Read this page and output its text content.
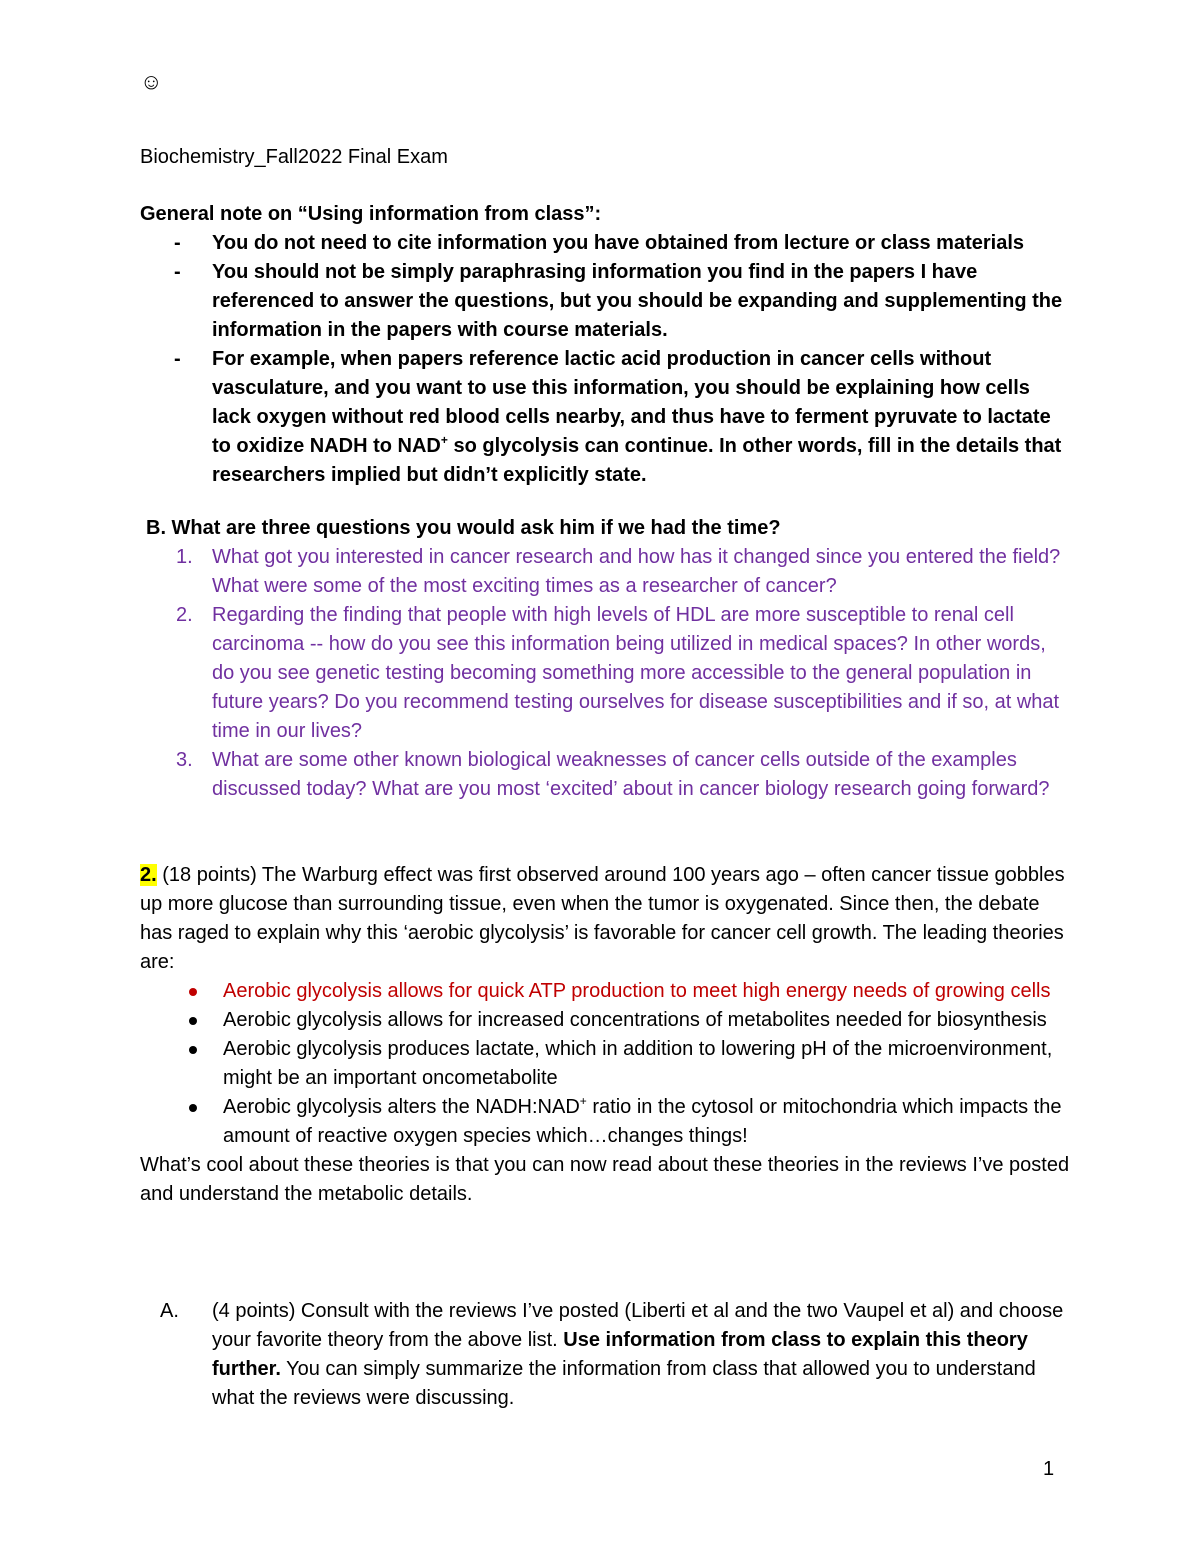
☺
Biochemistry_Fall2022 Final Exam
General note on “Using information from class”:
- You do not need to cite information you have obtained from lecture or class materials
- You should not be simply paraphrasing information you find in the papers I have referenced to answer the questions, but you should be expanding and supplementing the information in the papers with course materials.
- For example, when papers reference lactic acid production in cancer cells without vasculature, and you want to use this information, you should be explaining how cells lack oxygen without red blood cells nearby, and thus have to ferment pyruvate to lactate to oxidize NADH to NAD+ so glycolysis can continue. In other words, fill in the details that researchers implied but didn’t explicitly state.
B. What are three questions you would ask him if we had the time?
1. What got you interested in cancer research and how has it changed since you entered the field? What were some of the most exciting times as a researcher of cancer?
2. Regarding the finding that people with high levels of HDL are more susceptible to renal cell carcinoma -- how do you see this information being utilized in medical spaces? In other words, do you see genetic testing becoming something more accessible to the general population in future years? Do you recommend testing ourselves for disease susceptibilities and if so, at what time in our lives?
3. What are some other known biological weaknesses of cancer cells outside of the examples discussed today? What are you most ‘excited’ about in cancer biology research going forward?
2. (18 points) The Warburg effect was first observed around 100 years ago – often cancer tissue gobbles up more glucose than surrounding tissue, even when the tumor is oxygenated. Since then, the debate has raged to explain why this ‘aerobic glycolysis’ is favorable for cancer cell growth. The leading theories are:
Aerobic glycolysis allows for quick ATP production to meet high energy needs of growing cells
Aerobic glycolysis allows for increased concentrations of metabolites needed for biosynthesis
Aerobic glycolysis produces lactate, which in addition to lowering pH of the microenvironment, might be an important oncometabolite
Aerobic glycolysis alters the NADH:NAD+ ratio in the cytosol or mitochondria which impacts the amount of reactive oxygen species which…changes things!
What’s cool about these theories is that you can now read about these theories in the reviews I’ve posted and understand the metabolic details.
A. (4 points) Consult with the reviews I’ve posted (Liberti et al and the two Vaupel et al) and choose your favorite theory from the above list. Use information from class to explain this theory further. You can simply summarize the information from class that allowed you to understand what the reviews were discussing.
1
